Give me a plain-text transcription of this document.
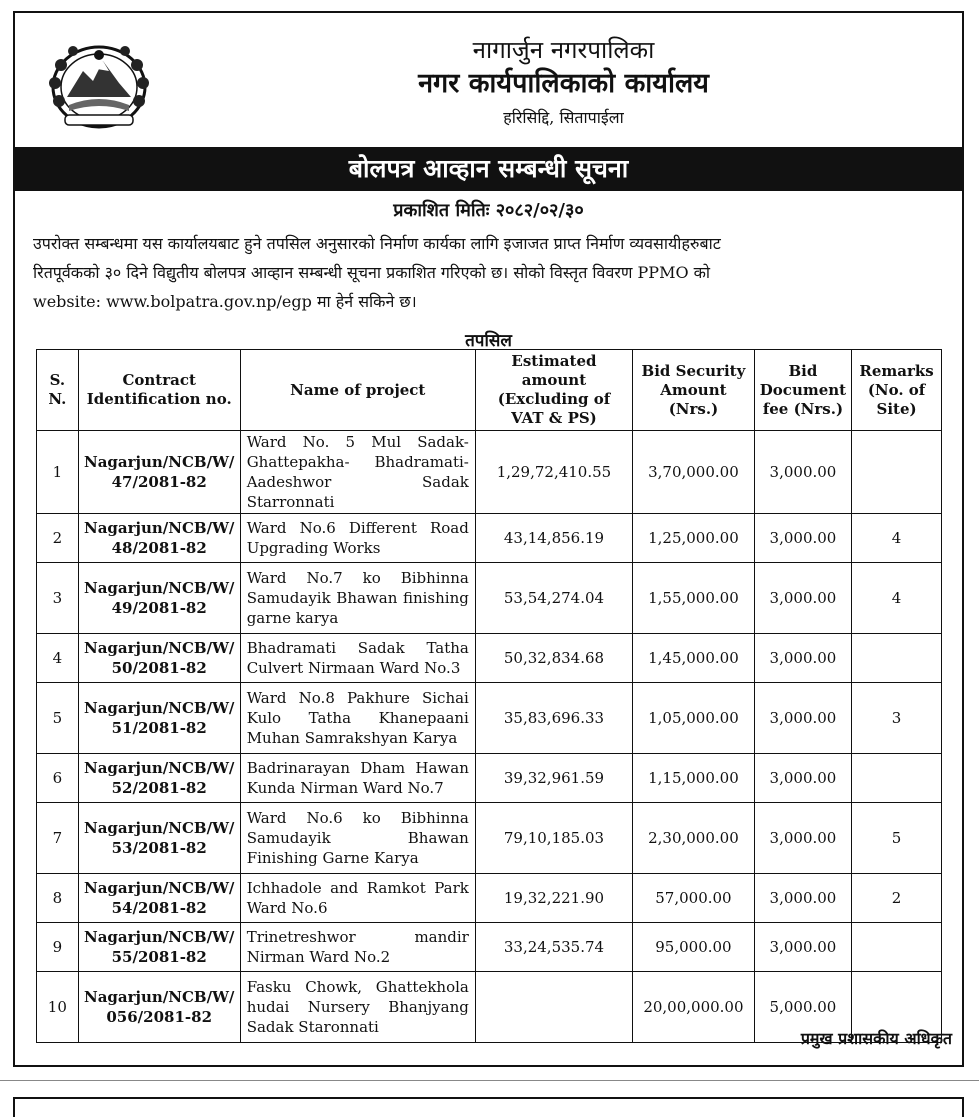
नागार्जुन नगरपालिका

नगर कार्यपालिकाको कार्यालय

हरिसिद्दि, सितापाईला

बोलपत्र आव्हान सम्बन्धी सूचना
प्रकाशित मितिः २०८२/०२/३०
उपरोक्त सम्बन्धमा यस कार्यालयबाट हुने तपसिल अनुसारको निर्माण कार्यका लागि इजाजत प्राप्त निर्माण व्यवसायीहरुबाट
रितपूर्वकको ३० दिने विद्युतीय बोलपत्र आव्हान सम्बन्धी सूचना प्रकाशित गरिएको छ। सोको विस्तृत विवरण PPMO को
website: www.bolpatra.gov.np/egp मा हेर्न सकिने छ।
तपसिल
S. N.	Contract Identification no.	Name of project	Estimated amount (Excluding of VAT & PS)	Bid Security Amount (Nrs.)	Bid Document fee (Nrs.)	Remarks (No. of Site)
1	Nagarjun/NCB/W/ 47/2081-82	Ward No. 5 Mul Sadak- Ghattepakha- Bhadramati- Aadeshwor Sadak Starronnati	1,29,72,410.55	3,70,000.00	3,000.00	
2	Nagarjun/NCB/W/ 48/2081-82	Ward No.6 Different Road Upgrading Works	43,14,856.19	1,25,000.00	3,000.00	4
3	Nagarjun/NCB/W/ 49/2081-82	Ward No.7 ko Bibhinna Samudayik Bhawan finishing garne karya	53,54,274.04	1,55,000.00	3,000.00	4
4	Nagarjun/NCB/W/ 50/2081-82	Bhadramati Sadak Tatha Culvert Nirmaan Ward No.3	50,32,834.68	1,45,000.00	3,000.00	
5	Nagarjun/NCB/W/ 51/2081-82	Ward No.8 Pakhure Sichai Kulo Tatha Khanepaani Muhan Samrakshyan Karya	35,83,696.33	1,05,000.00	3,000.00	3
6	Nagarjun/NCB/W/ 52/2081-82	Badrinarayan Dham Hawan Kunda Nirman Ward No.7	39,32,961.59	1,15,000.00	3,000.00	
7	Nagarjun/NCB/W/ 53/2081-82	Ward No.6 ko Bibhinna Samudayik Bhawan Finishing Garne Karya	79,10,185.03	2,30,000.00	3,000.00	5
8	Nagarjun/NCB/W/ 54/2081-82	Ichhadole and Ramkot Park Ward No.6	19,32,221.90	57,000.00	3,000.00	2
9	Nagarjun/NCB/W/ 55/2081-82	Trinetreshwor mandir Nirman Ward No.2	33,24,535.74	95,000.00	3,000.00	
10	Nagarjun/NCB/W/ 056/2081-82	Fasku Chowk, Ghattekhola hudai Nursery Bhanjyang Sadak Staronnati		20,00,000.00	5,000.00	
प्रमुख प्रशासकीय अधिकृत
